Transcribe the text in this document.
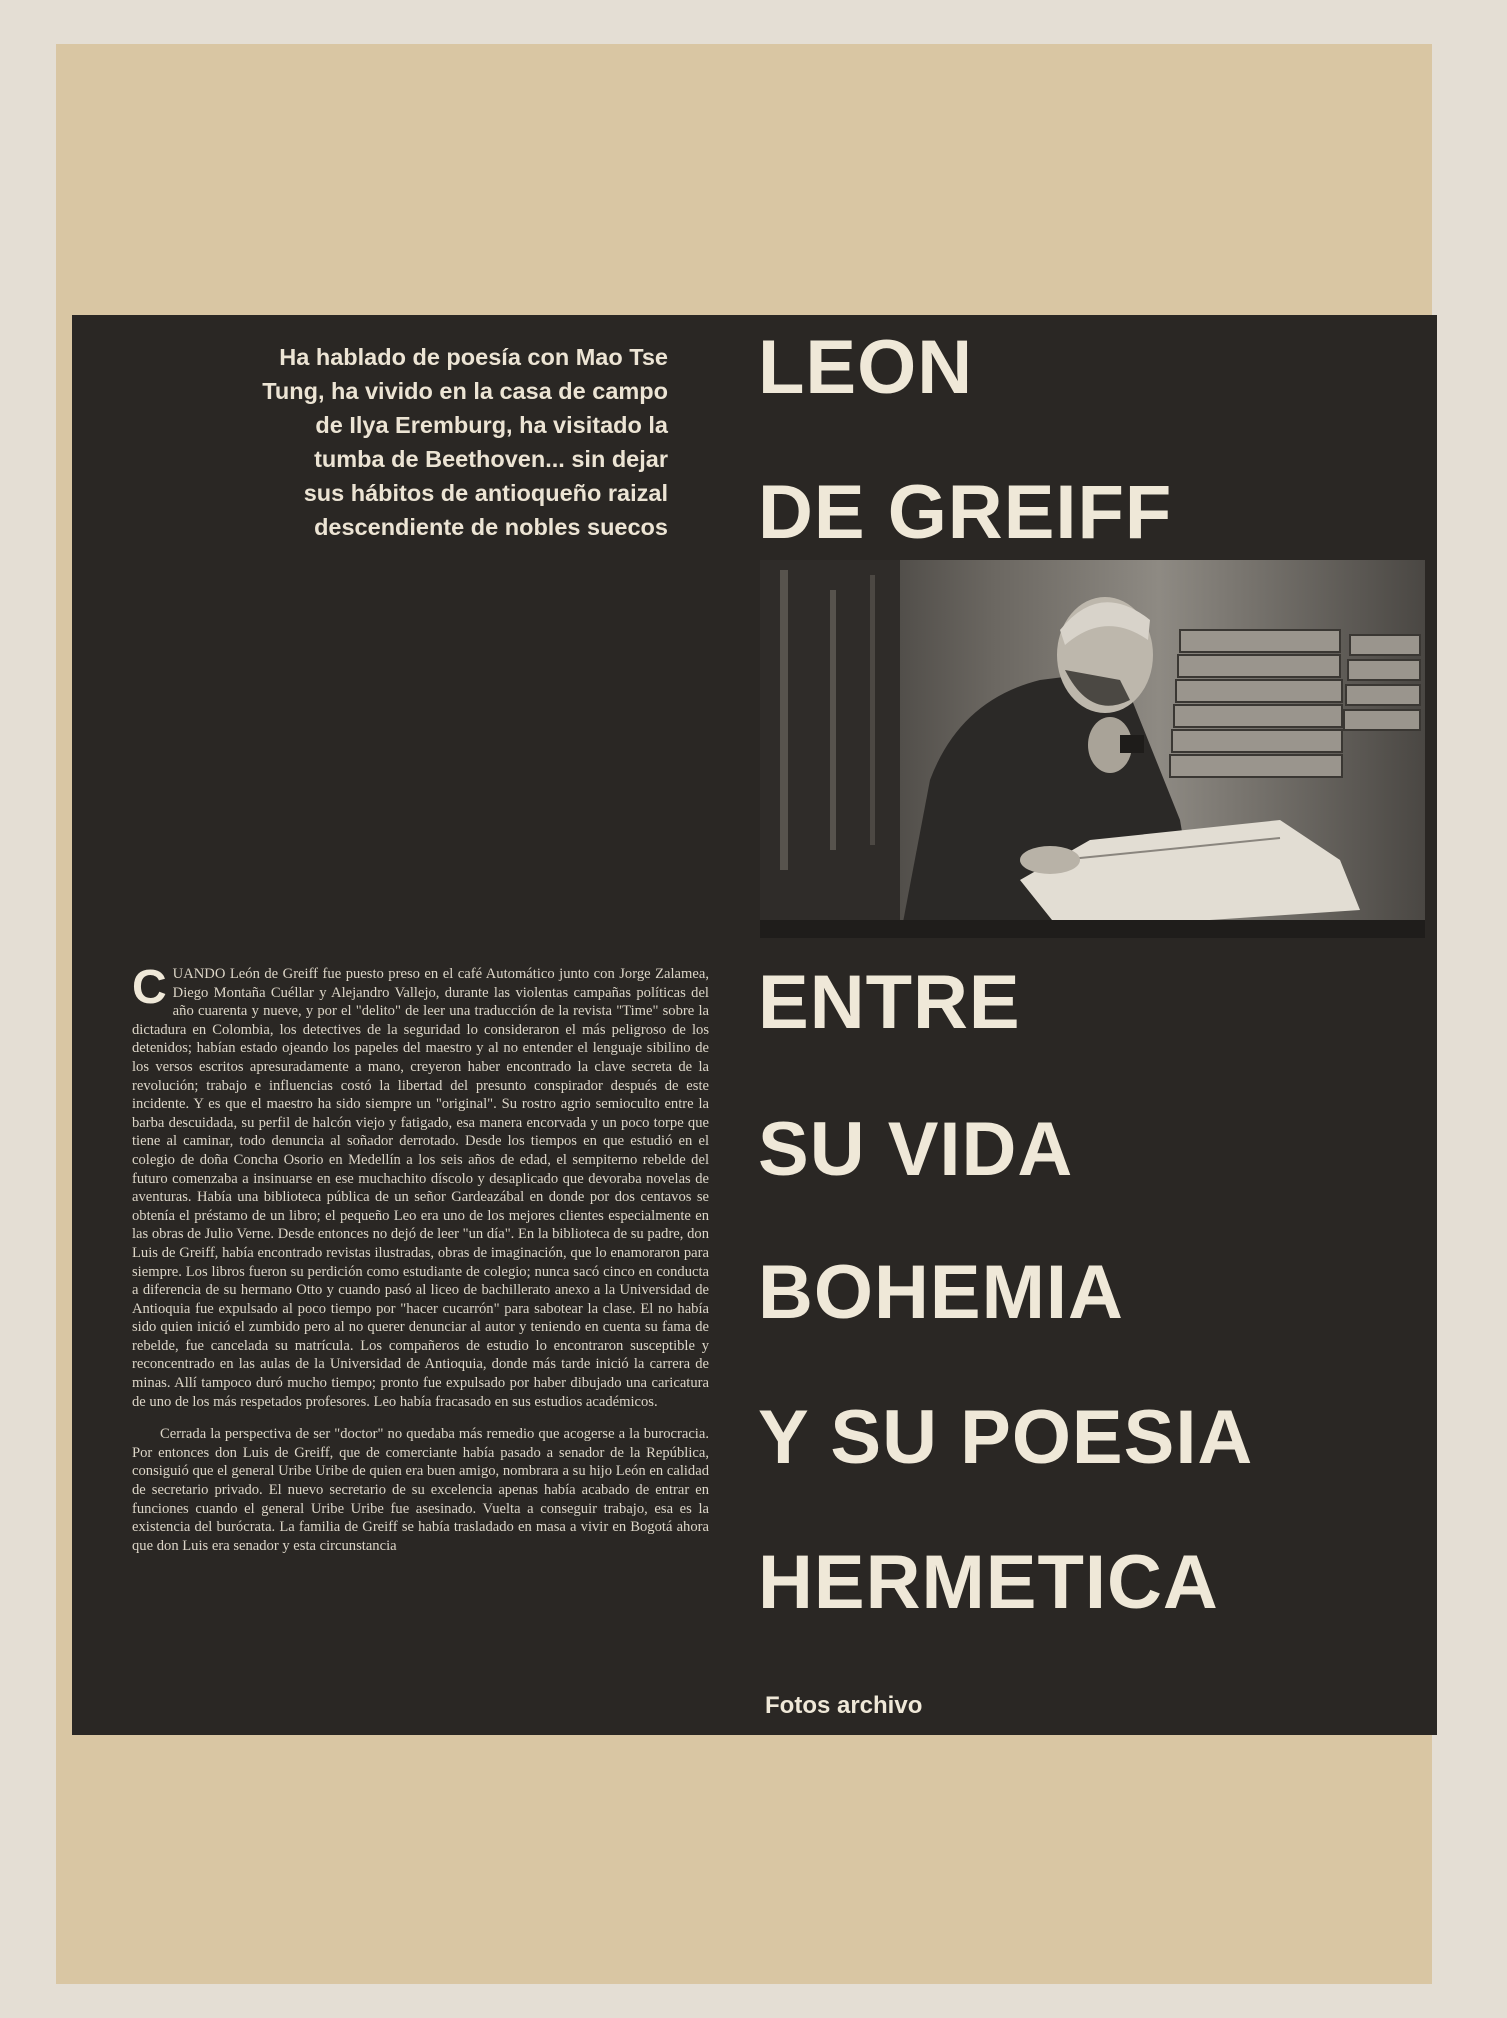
Ha hablado de poesía con Mao Tse
Tung, ha vivido en la casa de campo
de Ilya Eremburg, ha visitado la
tumba de Beethoven... sin dejar
sus hábitos de antioqueño raizal
descendiente de nobles suecos
LEON
DE GREIFF
ENTRE
SU VIDA
BOHEMIA
Y SU POESIA
HERMETICA

CUANDO León de Greiff fue puesto preso en el café Automático junto con Jorge Zalamea, Diego Montaña Cuéllar y Alejandro Vallejo, durante las violentas campañas políticas del año cuarenta y nueve, y por el "delito" de leer una traducción de la revista "Time" sobre la dictadura en Colombia, los detectives de la seguridad lo consideraron el más peligroso de los detenidos; habían estado ojeando los papeles del maestro y al no entender el lenguaje sibilino de los versos escritos apresuradamente a mano, creyeron haber encontrado la clave secreta de la revolución; trabajo e influencias costó la libertad del presunto conspirador después de este incidente. Y es que el maestro ha sido siempre un "original". Su rostro agrio semioculto entre la barba descuidada, su perfil de halcón viejo y fatigado, esa manera encorvada y un poco torpe que tiene al caminar, todo denuncia al soñador derrotado. Desde los tiempos en que estudió en el colegio de doña Concha Osorio en Medellín a los seis años de edad, el sempiterno rebelde del futuro comenzaba a insinuarse en ese muchachito díscolo y desaplicado que devoraba novelas de aventuras. Había una biblioteca pública de un señor Gardeazábal en donde por dos centavos se obtenía el préstamo de un libro; el pequeño Leo era uno de los mejores clientes especialmente en las obras de Julio Verne. Desde entonces no dejó de leer "un día". En la biblioteca de su padre, don Luis de Greiff, había encontrado revistas ilustradas, obras de imaginación, que lo enamoraron para siempre. Los libros fueron su perdición como estudiante de colegio; nunca sacó cinco en conducta a diferencia de su hermano Otto y cuando pasó al liceo de bachillerato anexo a la Universidad de Antioquia fue expulsado al poco tiempo por "hacer cucarrón" para sabotear la clase. El no había sido quien inició el zumbido pero al no querer denunciar al autor y teniendo en cuenta su fama de rebelde, fue cancelada su matrícula. Los compañeros de estudio lo encontraron susceptible y reconcentrado en las aulas de la Universidad de Antioquia, donde más tarde inició la carrera de minas. Allí tampoco duró mucho tiempo; pronto fue expulsado por haber dibujado una caricatura de uno de los más respetados profesores. Leo había fracasado en sus estudios académicos.

Cerrada la perspectiva de ser "doctor" no quedaba más remedio que acogerse a la burocracia. Por entonces don Luis de Greiff, que de comerciante había pasado a senador de la República, consiguió que el general Uribe Uribe de quien era buen amigo, nombrara a su hijo León en calidad de secretario privado. El nuevo secretario de su excelencia apenas había acabado de entrar en funciones cuando el general Uribe Uribe fue asesinado. Vuelta a conseguir trabajo, esa es la existencia del burócrata. La familia de Greiff se había trasladado en masa a vivir en Bogotá ahora que don Luis era senador y esta circunstancia

Fotos archivo
